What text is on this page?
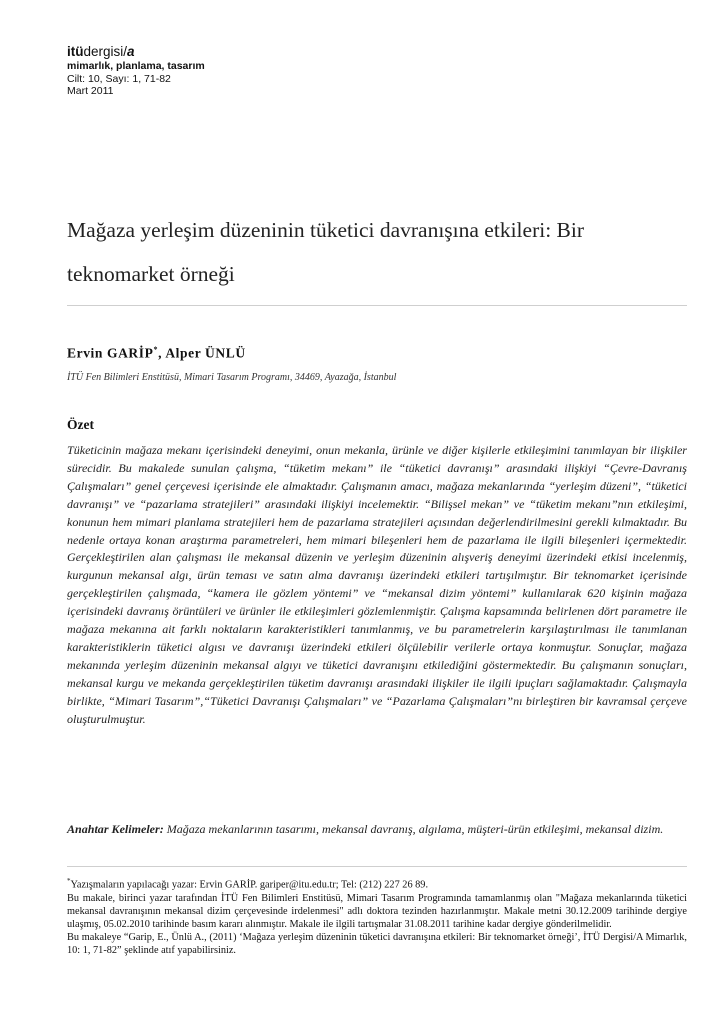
itüdergisi/a
mimarlık, planlama, tasarım
Cilt: 10, Sayı: 1, 71-82
Mart 2011
Mağaza yerleşim düzeninin tüketici davranışına etkileri: Bir teknomarket örneği
Ervin GARİP*, Alper ÜNLÜ
İTÜ Fen Bilimleri Enstitüsü, Mimari Tasarım Programı, 34469, Ayazağa, İstanbul
Özet
Tüketicinin mağaza mekanı içerisindeki deneyimi, onun mekanla, ürünle ve diğer kişilerle etkileşimini tanımlayan bir ilişkiler sürecidir. Bu makalede sunulan çalışma, “tüketim mekanı” ile “tüketici davranışı” arasındaki ilişkiyi “Çevre-Davranış Çalışmaları” genel çerçevesi içerisinde ele almaktadır. Çalışmanın amacı, mağaza mekanlarında “yerleşim düzeni”, “tüketici davranışı” ve “pazarlama stratejileri” arasındaki ilişkiyi incelemektir. “Bilişsel mekan” ve “tüketim mekanı”nın etkileşimi, konunun hem mimari planlama stratejileri hem de pazarlama stratejileri açısından değerlendirilmesini gerekli kılmaktadır. Bu nedenle ortaya konan araştırma parametreleri, hem mimari bileşenleri hem de pazarlama ile ilgili bileşenleri içermektedir. Gerçekleştirilen alan çalışması ile mekansal düzenin ve yerleşim düzeninin alışveriş deneyimi üzerindeki etkisi incelenmiş, kurgunun mekansal algı, ürün teması ve satın alma davranışı üzerindeki etkileri tartışılmıştır. Bir teknomarket içerisinde gerçekleştirilen çalışmada, “kamera ile gözlem yöntemi” ve “mekansal dizim yöntemi” kullanılarak 620 kişinin mağaza içerisindeki davranış örüntüleri ve ürünler ile etkileşimleri gözlemlenmiştir. Çalışma kapsamında belirlenen dört parametre ile mağaza mekanına ait farklı noktaların karakteristikleri tanımlanmış, ve bu parametrelerin karşılaştırılması ile tanımlanan karakteristiklerin tüketici algısı ve davranışı üzerindeki etkileri ölçülebilir verilerle ortaya konmuştur. Sonuçlar, mağaza mekanında yerleşim düzeninin mekansal algıyı ve tüketici davranışını etkilediğini göstermektedir. Bu çalışmanın sonuçları, mekansal kurgu ve mekanda gerçekleştirilen tüketim davranışı arasındaki ilişkiler ile ilgili ipuçları sağlamaktadır. Çalışmayla birlikte, “Mimari Tasarım”,“Tüketici Davranışı Çalışmaları” ve “Pazarlama Çalışmaları”nı birleştiren bir kavramsal çerçeve oluşturulmuştur.
Anahtar Kelimeler: Mağaza mekanlarının tasarımı, mekansal davranış, algılama, müşteri-ürün etkileşimi, mekansal dizim.

*Yazışmaların yapılacağı yazar: Ervin GARİP. gariper@itu.edu.tr; Tel: (212) 227 26 89.

Bu makale, birinci yazar tarafından İTÜ Fen Bilimleri Enstitüsü, Mimari Tasarım Programında tamamlanmış olan "Mağaza mekanlarında tüketici mekansal davranışının mekansal dizim çerçevesinde irdelenmesi" adlı doktora tezinden hazırlanmıştır. Makale metni 30.12.2009 tarihinde dergiye ulaşmış, 05.02.2010 tarihinde basım kararı alınmıştır. Makale ile ilgili tartışmalar 31.08.2011 tarihine kadar dergiye gönderilmelidir.

Bu makaleye “Garip, E., Ünlü A., (2011) ‘Mağaza yerleşim düzeninin tüketici davranışına etkileri: Bir teknomarket örneği’, İTÜ Dergisi/A Mimarlık, 10: 1, 71-82” şeklinde atıf yapabilirsiniz.
